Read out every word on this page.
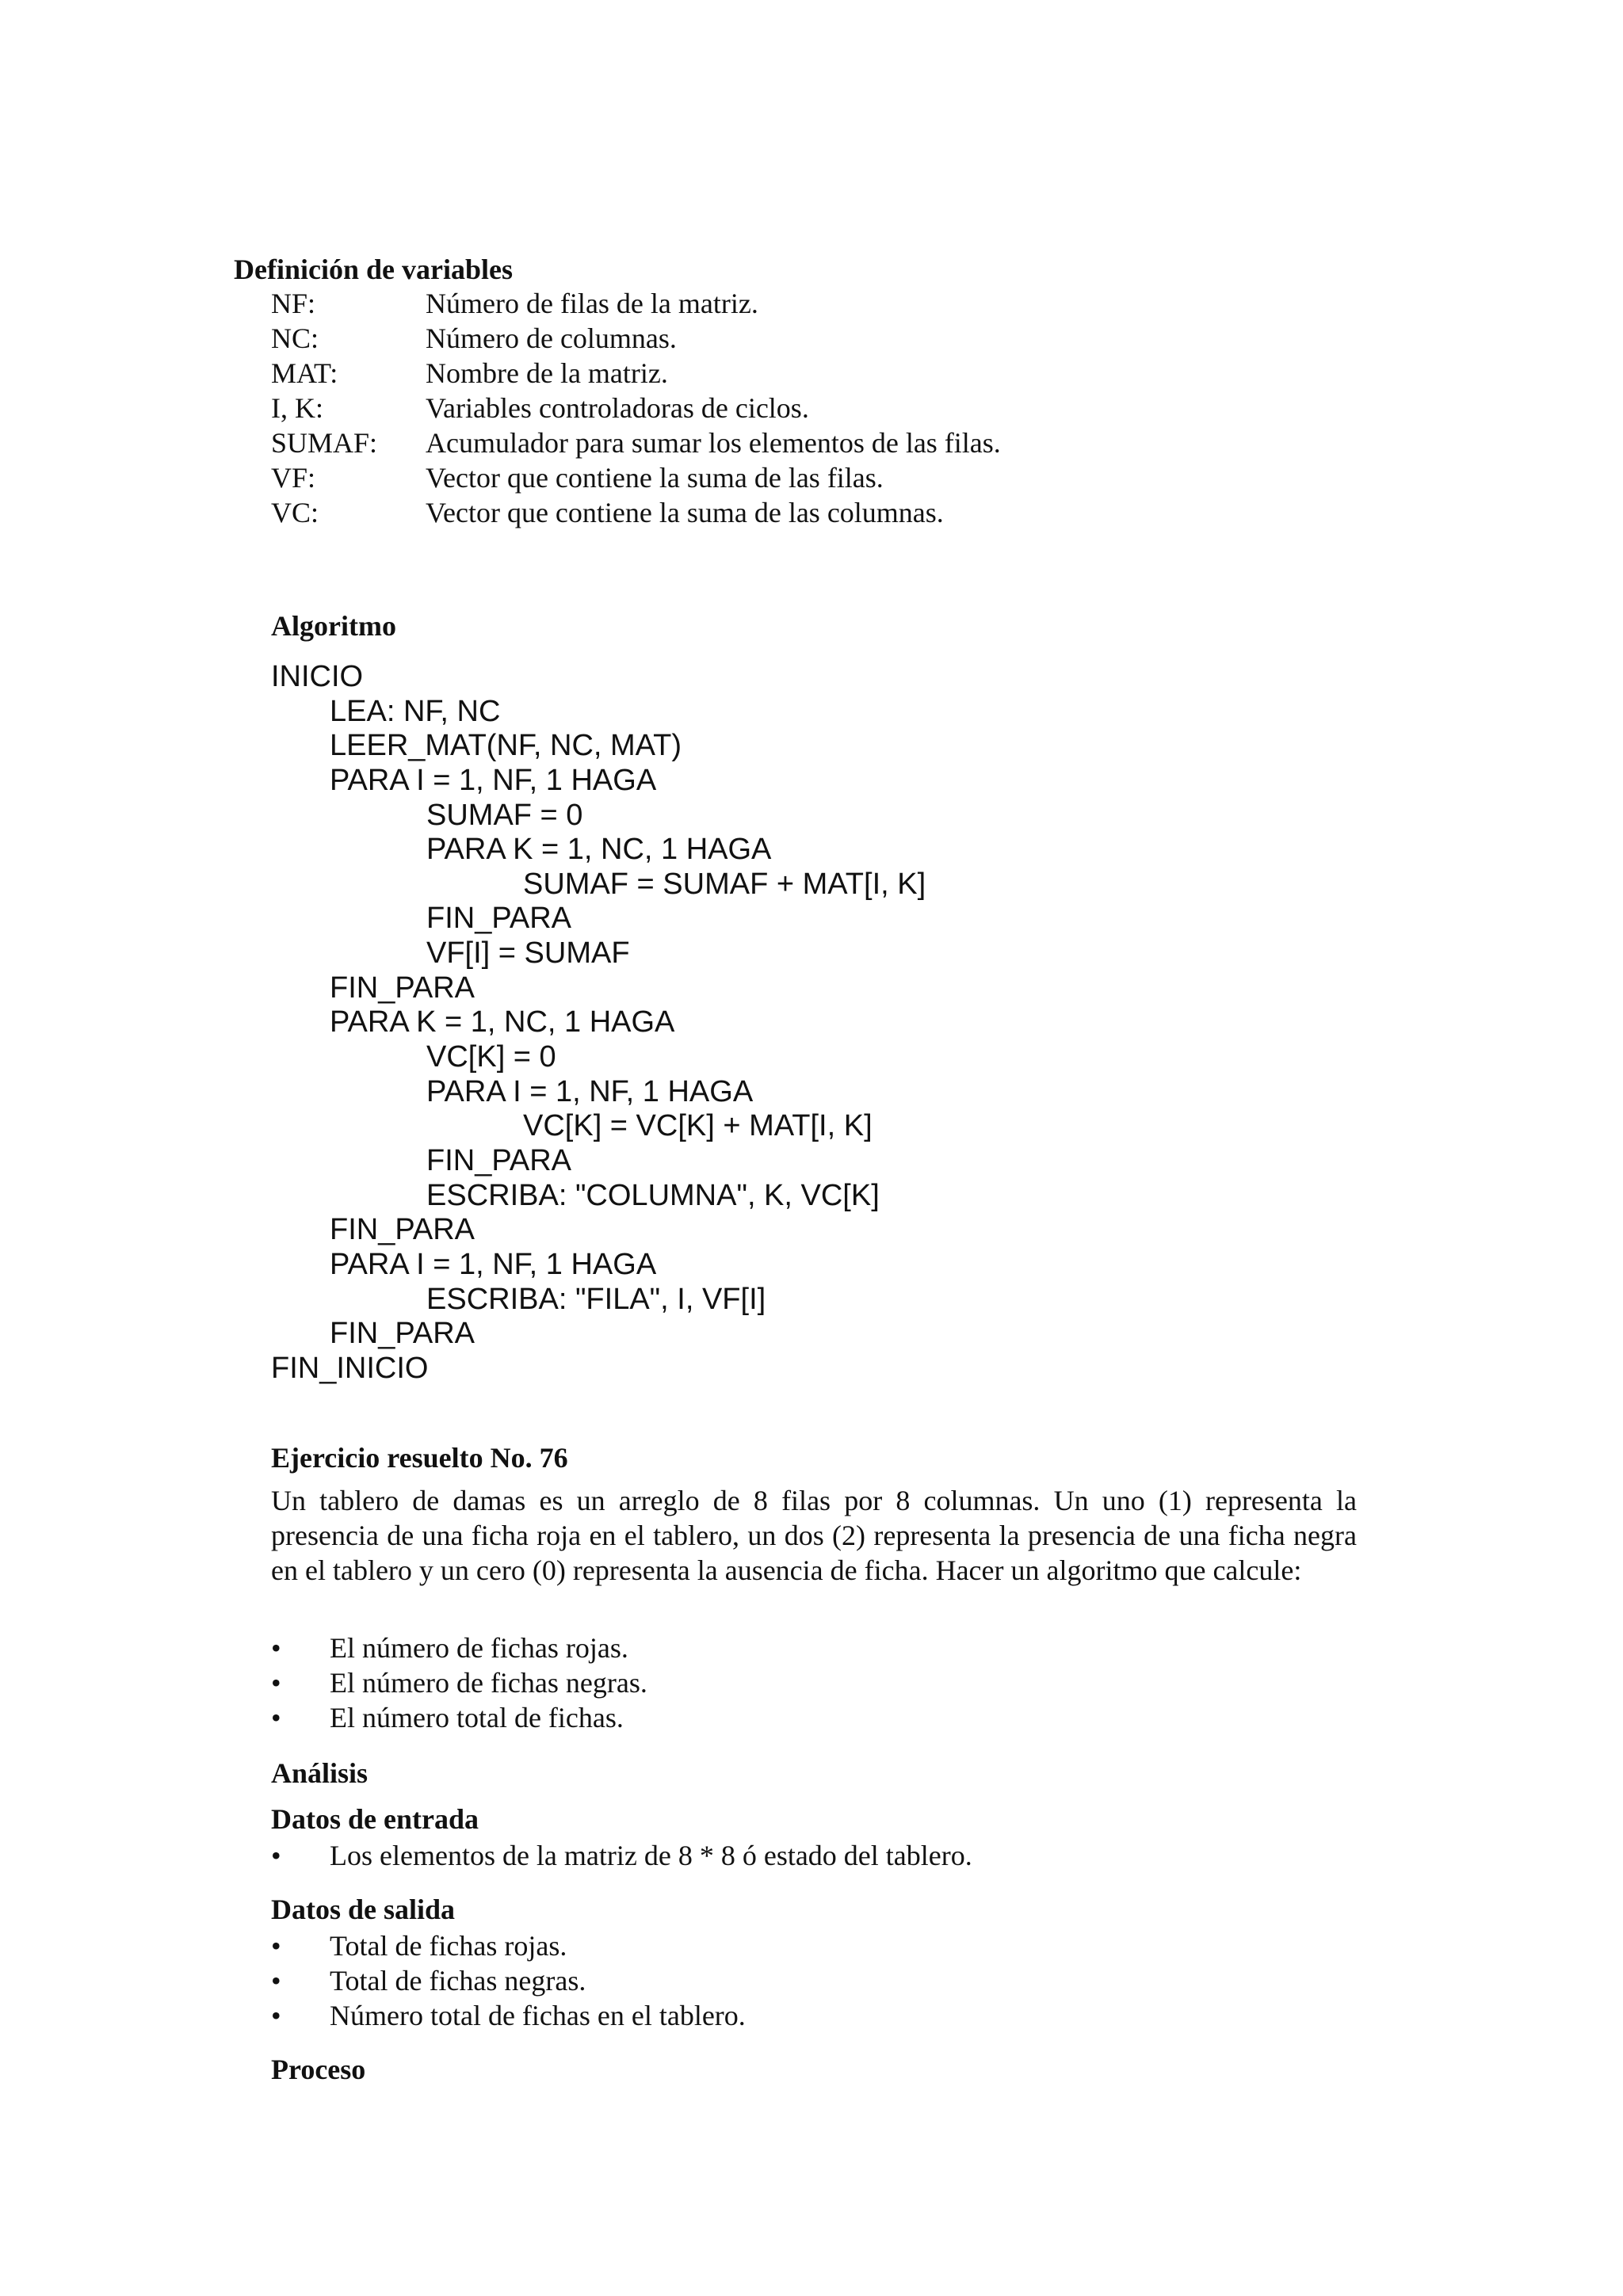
Definición de variables
NF:	Número de filas de la matriz.
NC:	Número de columnas.
MAT:	Nombre de la matriz.
I, K:	Variables controladoras de ciclos.
SUMAF: Acumulador para sumar los elementos de las filas.
VF:	Vector que contiene la suma de las filas.
VC:	Vector que contiene la suma de las columnas.
Algoritmo
INICIO
LEA: NF, NC
LEER_MAT(NF, NC, MAT)
PARA I = 1, NF, 1 HAGA
SUMAF = 0
PARA K = 1, NC, 1 HAGA
SUMAF = SUMAF + MAT[I, K]
FIN_PARA
VF[I] = SUMAF
FIN_PARA
PARA K = 1, NC, 1 HAGA
VC[K] = 0
PARA I = 1, NF, 1 HAGA
VC[K] = VC[K] + MAT[I, K]
FIN_PARA
ESCRIBA: "COLUMNA", K, VC[K]
FIN_PARA
PARA I = 1, NF, 1 HAGA
ESCRIBA: "FILA", I, VF[I]
FIN_PARA
FIN_INICIO
Ejercicio resuelto No. 76

Un tablero de damas es un arreglo de 8 filas por 8 columnas. Un uno (1) representa la presencia de una ficha roja en el tablero, un dos (2) representa la presencia de una ficha negra en el tablero y un cero (0) representa la ausencia de ficha. Hacer un algoritmo que calcule:

• El número de fichas rojas.
• El número de fichas negras.
• El número total de fichas.
Análisis
Datos de entrada
• Los elementos de la matriz de 8 * 8 ó estado del tablero.
Datos de salida
• Total de fichas rojas.
• Total de fichas negras.
• Número total de fichas en el tablero.
Proceso
